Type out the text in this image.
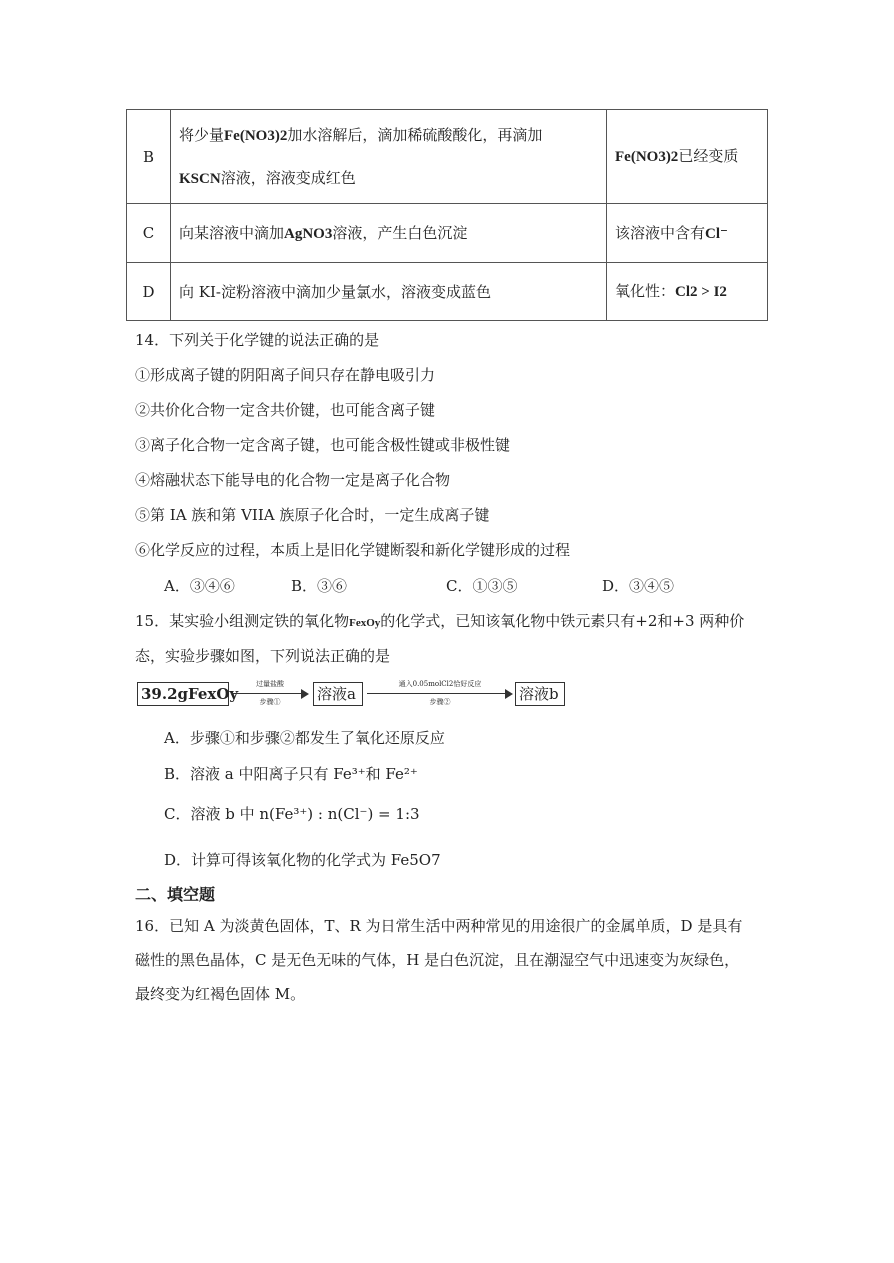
B	将少量Fe(NO3)2加水溶解后，滴加稀硫酸酸化，再滴加
KSCN溶液，溶液变成红色	Fe(NO3)2已经变质
C	向某溶液中滴加AgNO3溶液，产生白色沉淀	该溶液中含有Cl⁻
D	向 KI-淀粉溶液中滴加少量氯水，溶液变成蓝色	氧化性：Cl2 > I2
14．下列关于化学键的说法正确的是
①形成离子键的阴阳离子间只存在静电吸引力
②共价化合物一定含共价键，也可能含离子键
③离子化合物一定含离子键，也可能含极性键或非极性键
④熔融状态下能导电的化合物一定是离子化合物
⑤第 IA 族和第 VIIA 族原子化合时，一定生成离子键
⑥化学反应的过程，本质上是旧化学键断裂和新化学键形成的过程
A．③④⑥	B．③⑥	C．①③⑤	D．③④⑤
15．某实验小组测定铁的氧化物FexOy的化学式，已知该氧化物中铁元素只有+2和+3 两种价
态，实验步骤如图，下列说法正确的是
39.2gFexOy
过量盐酸
步骤①	溶液a
通入0.05molCl2恰好反应
步骤②	溶液b
A．步骤①和步骤②都发生了氧化还原反应
B．溶液 a 中阳离子只有 Fe³⁺和 Fe²⁺
C．溶液 b 中 n(Fe³⁺) : n(Cl⁻) = 1:3
D．计算可得该氧化物的化学式为 Fe5O7
二、填空题
16．已知 A 为淡黄色固体，T、R 为日常生活中两种常见的用途很广的金属单质，D 是具有
磁性的黑色晶体，C 是无色无味的气体，H 是白色沉淀，且在潮湿空气中迅速变为灰绿色，
最终变为红褐色固体 M。
